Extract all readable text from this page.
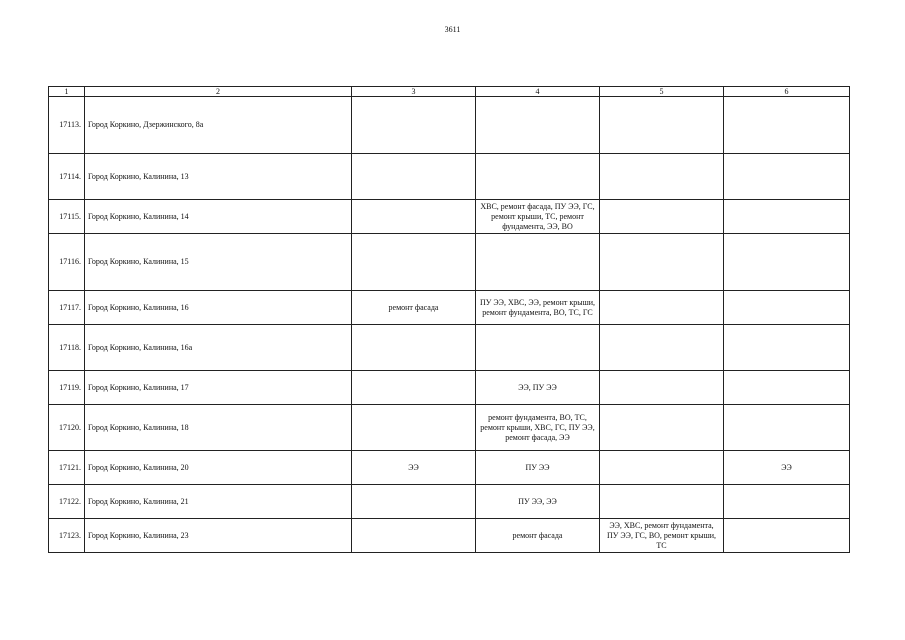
3611
1	2	3	4	5	6
17113.	Город Коркино, Дзержинского, 8а				
17114.	Город Коркино, Калинина, 13				
17115.	Город Коркино, Калинина, 14		ХВС, ремонт фасада, ПУ ЭЭ, ГС, ремонт крыши, ТС, ремонт фундамента, ЭЭ, ВО		
17116.	Город Коркино, Калинина, 15				
17117.	Город Коркино, Калинина, 16	ремонт фасада	ПУ ЭЭ, ХВС, ЭЭ, ремонт крыши, ремонт фундамента, ВО, ТС, ГС		
17118.	Город Коркино, Калинина, 16а				
17119.	Город Коркино, Калинина, 17		ЭЭ, ПУ ЭЭ		
17120.	Город Коркино, Калинина, 18		ремонт фундамента, ВО, ТС, ремонт крыши, ХВС, ГС, ПУ ЭЭ, ремонт фасада, ЭЭ		
17121.	Город Коркино, Калинина, 20	ЭЭ	ПУ ЭЭ		ЭЭ
17122.	Город Коркино, Калинина, 21		ПУ ЭЭ, ЭЭ		
17123.	Город Коркино, Калинина, 23		ремонт фасада	ЭЭ, ХВС, ремонт фундамента, ПУ ЭЭ, ГС, ВО, ремонт крыши, ТС	
